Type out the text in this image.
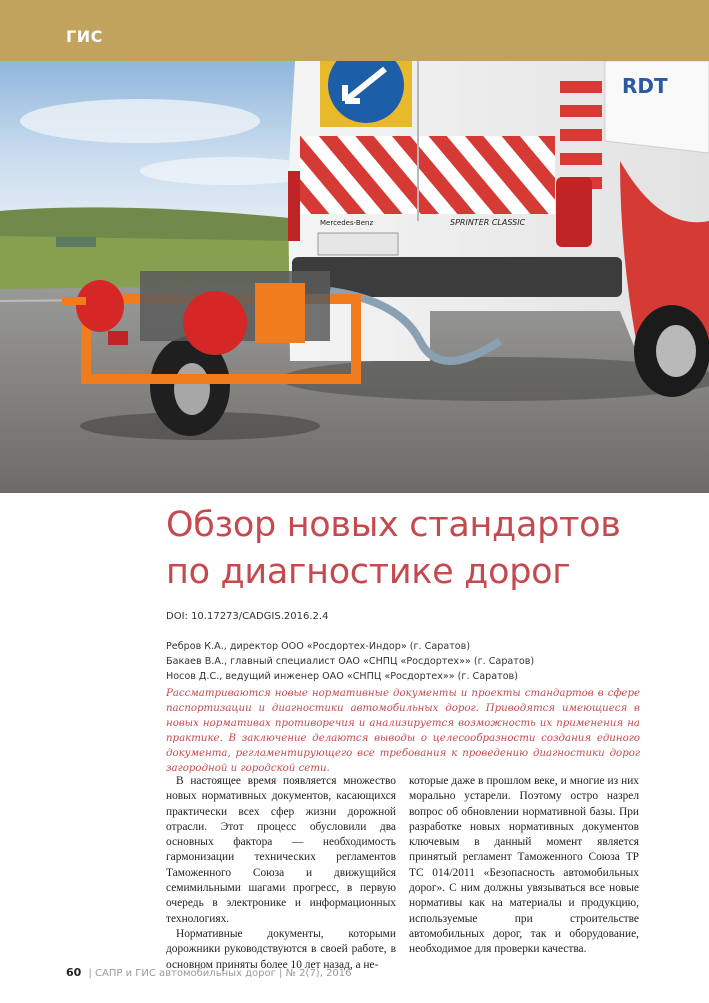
ГИС
RDT
Mercedes-Benz	SPRINTER CLASSIC
Обзор новых стандартов
по диагностике дорог
DOI: 10.17273/CADGIS.2016.2.4
Ребров К.А., директор ООО «Росдортех-Индор» (г. Саратов)
Бакаев В.А., главный специалист ОАО «СНПЦ «Росдортех»» (г. Саратов)
Носов Д.С., ведущий инженер ОАО «СНПЦ «Росдортех»» (г. Саратов)
Рассматриваются новые нормативные документы и проекты стандартов в сфере паспортизации и диагностики автомобильных дорог. Приводятся имеющиеся в новых нормативах противоречия и анализируется возможность их применения на практике. В заключение делаются выводы о целесообразности создания единого документа, регламентирующего все требования к проведению диагностики дорог загородной и городской сети.

В настоящее время появляется множество новых нормативных документов, касающихся практически всех сфер жизни дорожной отрасли. Этот процесс обусловили два основных фактора — необходимость гармонизации технических регламентов Таможенного Союза и движущийся семимильными шагами прогресс, в первую очередь в электронике и информационных технологиях.

Нормативные документы, которыми дорожники руководствуются в своей работе, в основном приняты более 10 лет назад, а не-

которые даже в прошлом веке, и многие из них морально устарели. Поэтому остро назрел вопрос об обновлении нормативной базы. При разработке новых нормативных документов ключевым в данный момент является принятый регламент Таможенного Союза ТР ТС 014/2011 «Безопасность автомобильных дорог». С ним должны увязываться все новые нормативы как на материалы и продукцию, используемые при строительстве автомобильных дорог, так и оборудование, необходимое для проверки качества.

60 | САПР и ГИС автомобильных дорог | № 2(7), 2016
